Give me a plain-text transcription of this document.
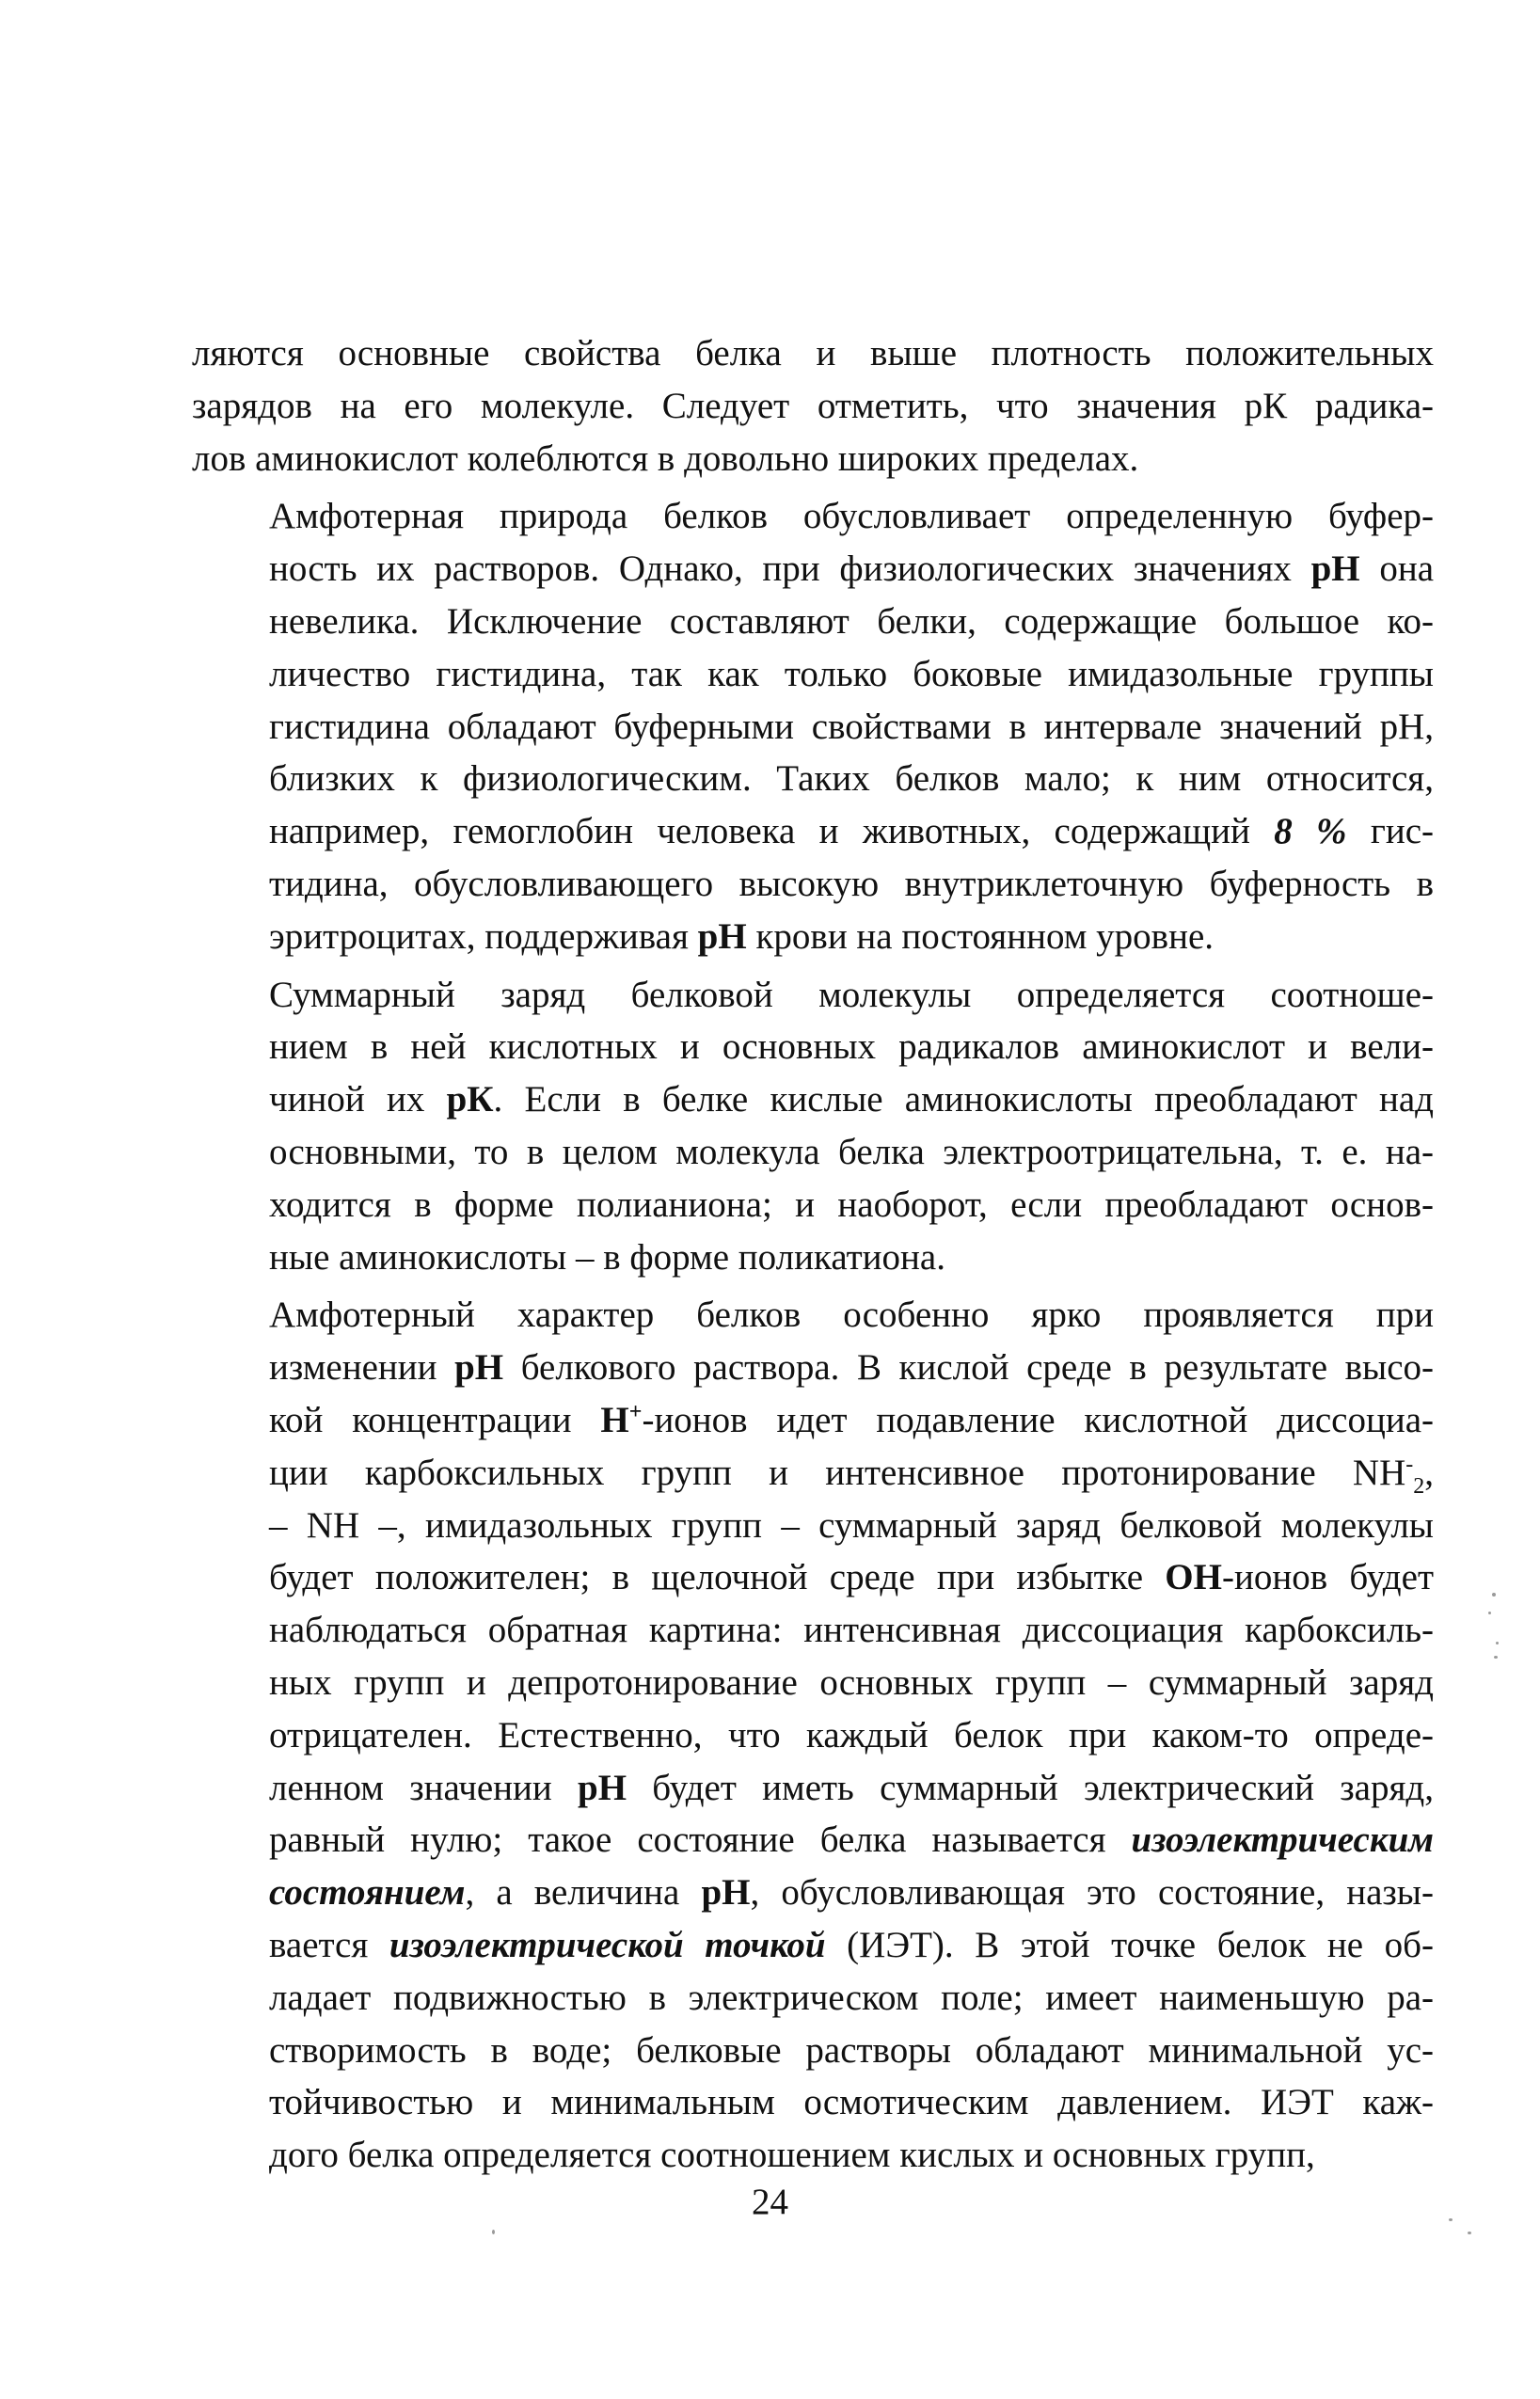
ляются основные свойства белка и выше плотность положительных
зарядов на его молекуле. Следует отметить, что значения рК радика-
лов аминокислот колеблются в довольно широких пределах.
Амфотерная природа белков обусловливает определенную буфер-
ность их растворов. Однако, при физиологических значениях pH она
невелика. Исключение составляют белки, содержащие большое ко-
личество гистидина, так как только боковые имидазольные группы
гистидина обладают буферными свойствами в интервале значений рН,
близких к физиологическим. Таких белков мало; к ним относится,
например, гемоглобин человека и животных, содержащий 8 % гис-
тидина, обусловливающего высокую внутриклеточную буферность в
эритроцитах, поддерживая pH крови на постоянном уровне.
Суммарный заряд белковой молекулы определяется соотноше-
нием в ней кислотных и основных радикалов аминокислот и вели-
чиной их рК. Если в белке кислые аминокислоты преобладают над
основными, то в целом молекула белка электроотрицательна, т. е. на-
ходится в форме полианиона; и наоборот, если преобладают основ-
ные аминокислоты – в форме поликатиона.
Амфотерный характер белков особенно ярко проявляется при
изменении pH белкового раствора. В кислой среде в результате высо-
кой концентрации H+-ионов идет подавление кислотной диссоциа-
ции карбоксильных групп и интенсивное протонирование $NH^-_2$,
– NH –, имидазольных групп – суммарный заряд белковой молекулы
будет положителен; в щелочной среде при избытке OH-ионов будет
наблюдаться обратная картина: интенсивная диссоциация карбоксиль-
ных групп и депротонирование основных групп – суммарный заряд
отрицателен. Естественно, что каждый белок при каком-то опреде-
ленном значении pH будет иметь суммарный электрический заряд,
равный нулю; такое состояние белка называется изоэлектрическим
состоянием, а величина pH, обусловливающая это состояние, назы-
вается изоэлектрической точкой (ИЭТ). В этой точке белок не об-
ладает подвижностью в электрическом поле; имеет наименьшую ра-
створимость в воде; белковые растворы обладают минимальной ус-
тойчивостью и минимальным осмотическим давлением. ИЭТ каж-
дого белка определяется соотношением кислых и основных групп,
24
